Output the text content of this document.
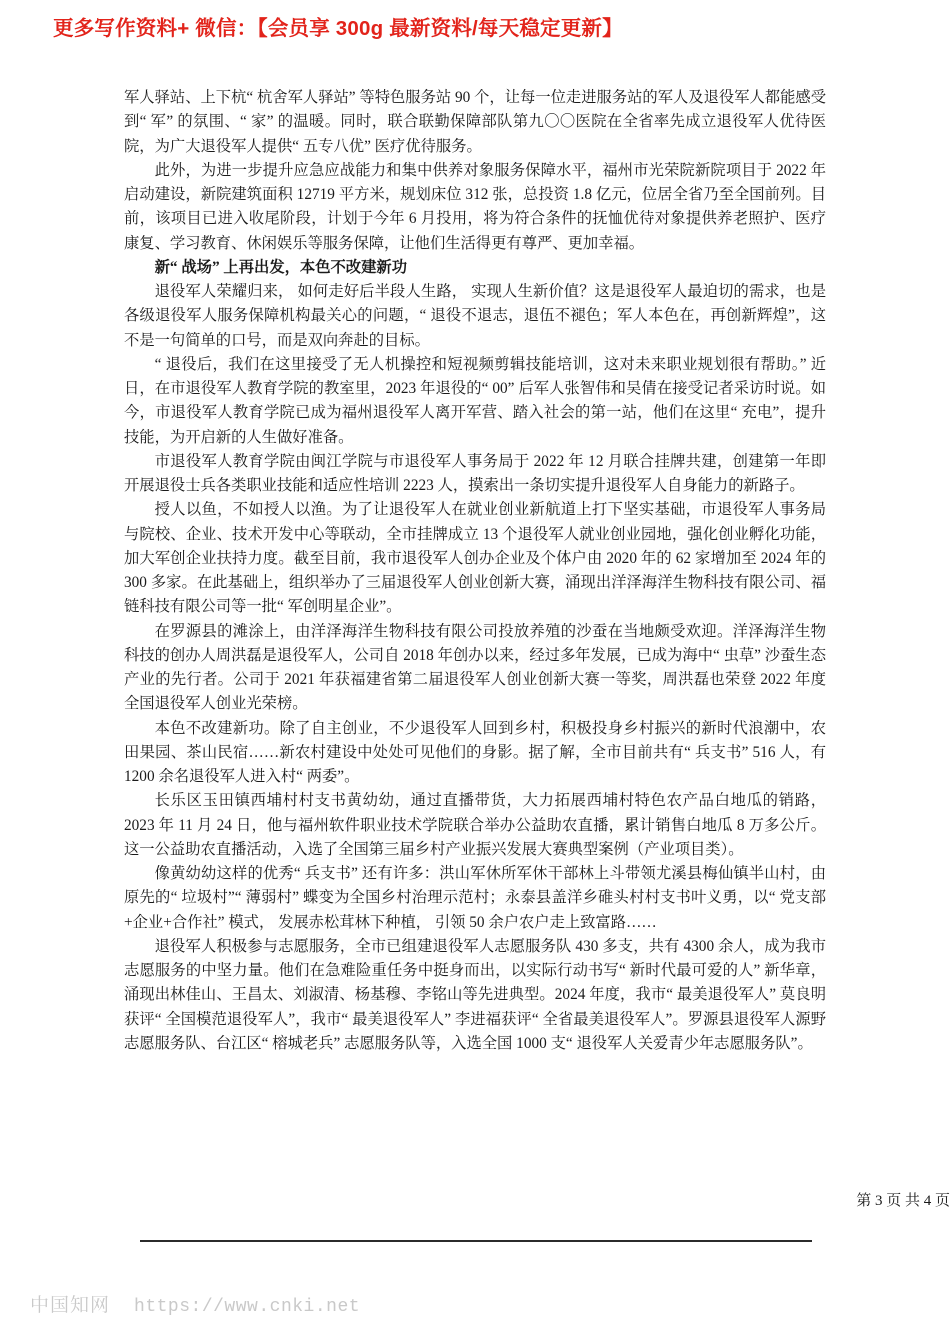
更多写作资料+ 微信：【会员享 300g 最新资料/每天稳定更新】

军人驿站、上下杭“ 杭舍军人驿站” 等特色服务站 90 个，让每一位走进服务站的军人及退役军人都能感受到“ 军” 的氛围、“ 家” 的温暖。同时，联合联勤保障部队第九〇〇医院在全省率先成立退役军人优待医院，为广大退役军人提供“ 五专八优” 医疗优待服务。

此外，为进一步提升应急应战能力和集中供养对象服务保障水平，福州市光荣院新院项目于 2022 年启动建设，新院建筑面积 12719 平方米，规划床位 312 张，总投资 1.8 亿元，位居全省乃至全国前列。目前，该项目已进入收尾阶段，计划于今年 6 月投用，将为符合条件的抚恤优待对象提供养老照护、医疗康复、学习教育、休闲娱乐等服务保障，让他们生活得更有尊严、更加幸福。

新“ 战场” 上再出发，本色不改建新功

退役军人荣耀归来， 如何走好后半段人生路， 实现人生新价值？这是退役军人最迫切的需求，也是各级退役军人服务保障机构最关心的问题，“ 退役不退志，退伍不褪色；军人本色在，再创新辉煌”，这不是一句简单的口号，而是双向奔赴的目标。

“ 退役后，我们在这里接受了无人机操控和短视频剪辑技能培训，这对未来职业规划很有帮助。” 近日，在市退役军人教育学院的教室里，2023 年退役的“ 00” 后军人张智伟和吴倩在接受记者采访时说。如今，市退役军人教育学院已成为福州退役军人离开军营、踏入社会的第一站，他们在这里“ 充电”，提升技能，为开启新的人生做好准备。

市退役军人教育学院由闽江学院与市退役军人事务局于 2022 年 12 月联合挂牌共建，创建第一年即开展退役士兵各类职业技能和适应性培训 2223 人，摸索出一条切实提升退役军人自身能力的新路子。

授人以鱼，不如授人以渔。为了让退役军人在就业创业新航道上打下坚实基础，市退役军人事务局与院校、企业、技术开发中心等联动，全市挂牌成立 13 个退役军人就业创业园地，强化创业孵化功能，加大军创企业扶持力度。截至目前，我市退役军人创办企业及个体户由 2020 年的 62 家增加至 2024 年的 300 多家。在此基础上，组织举办了三届退役军人创业创新大赛，涌现出洋泽海洋生物科技有限公司、福链科技有限公司等一批“ 军创明星企业”。

在罗源县的滩涂上，由洋泽海洋生物科技有限公司投放养殖的沙蚕在当地颇受欢迎。洋泽海洋生物科技的创办人周洪磊是退役军人，公司自 2018 年创办以来，经过多年发展，已成为海中“ 虫草” 沙蚕生态产业的先行者。公司于 2021 年获福建省第二届退役军人创业创新大赛一等奖，周洪磊也荣登 2022 年度全国退役军人创业光荣榜。

本色不改建新功。除了自主创业，不少退役军人回到乡村，积极投身乡村振兴的新时代浪潮中，农田果园、茶山民宿……新农村建设中处处可见他们的身影。据了解，全市目前共有“ 兵支书” 516 人，有 1200 余名退役军人进入村“ 两委”。

长乐区玉田镇西埔村村支书黄幼幼，通过直播带货，大力拓展西埔村特色农产品白地瓜的销路，2023 年 11 月 24 日，他与福州软件职业技术学院联合举办公益助农直播，累计销售白地瓜 8 万多公斤。这一公益助农直播活动，入选了全国第三届乡村产业振兴发展大赛典型案例（产业项目类）。

像黄幼幼这样的优秀“ 兵支书” 还有许多：洪山军休所军休干部林上斗带领尤溪县梅仙镇半山村，由原先的“ 垃圾村”“ 薄弱村” 蝶变为全国乡村治理示范村；永泰县盖洋乡碓头村村支书叶义勇，以“ 党支部+企业+合作社” 模式， 发展赤松茸林下种植， 引领 50 余户农户走上致富路……

退役军人积极参与志愿服务，全市已组建退役军人志愿服务队 430 多支，共有 4300 余人，成为我市志愿服务的中坚力量。他们在急难险重任务中挺身而出，以实际行动书写“ 新时代最可爱的人” 新华章，涌现出林佳山、王昌太、刘淑清、杨基穆、李铭山等先进典型。2024 年度，我市“ 最美退役军人” 莫良明获评“ 全国模范退役军人”，我市“ 最美退役军人” 李进福获评“ 全省最美退役军人”。罗源县退役军人源野志愿服务队、台江区“ 榕城老兵” 志愿服务队等，入选全国 1000 支“ 退役军人关爱青少年志愿服务队”。

第 3 页 共 4 页
中国知网 https://www.cnki.net
